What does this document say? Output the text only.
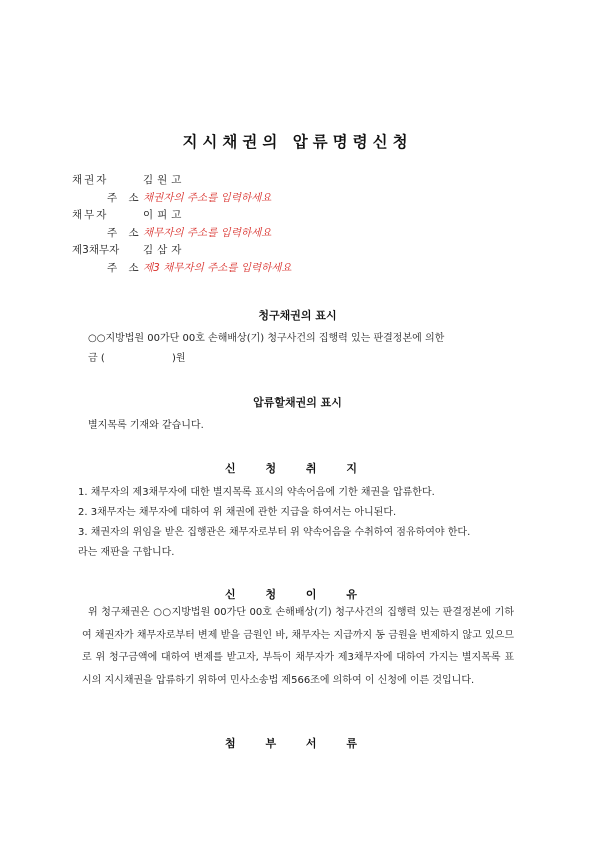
지시채권의 압류명령신청
채권자	김원고
주 소 채권자의 주소를 입력하세요
채무자	이피고
주 소 채무자의 주소를 입력하세요
제3채무자 김삼자
주 소 제3 채무자의 주소를 입력하세요
청구채권의 표시
○○지방법원 00가단 00호 손해배상(기) 청구사건의 집행력 있는 판결정본에 의한
금 (	)원
압류할채권의 표시
별지목록 기재와 같습니다.
신 청 취 지
1. 채무자의 제3채무자에 대한 별지목록 표시의 약속어음에 기한 채권을 압류한다.
2. 3채무자는 채무자에 대하여 위 채권에 관한 지급을 하여서는 아니된다.
3. 채권자의 위임을 받은 집행관은 채무자로부터 위 약속어음을 수취하여 점유하여야 한다.
라는 재판을 구합니다.
신 청 이 유
위 청구채권은 ○○지방법원 00가단 00호 손해배상(기) 청구사건의 집행력 있는 판결정본에 기하여 채권자가 채무자로부터 변제 받을 금원인 바, 채무자는 지급까지 동 금원을 변제하지 않고 있으므로 위 청구금액에 대하여 변제를 받고자, 부득이 채무자가 제3채무자에 대하여 가지는 별지목록 표시의 지시채권을 압류하기 위하여 민사소송법 제566조에 의하여 이 신청에 이른 것입니다.
첨 부 서 류
